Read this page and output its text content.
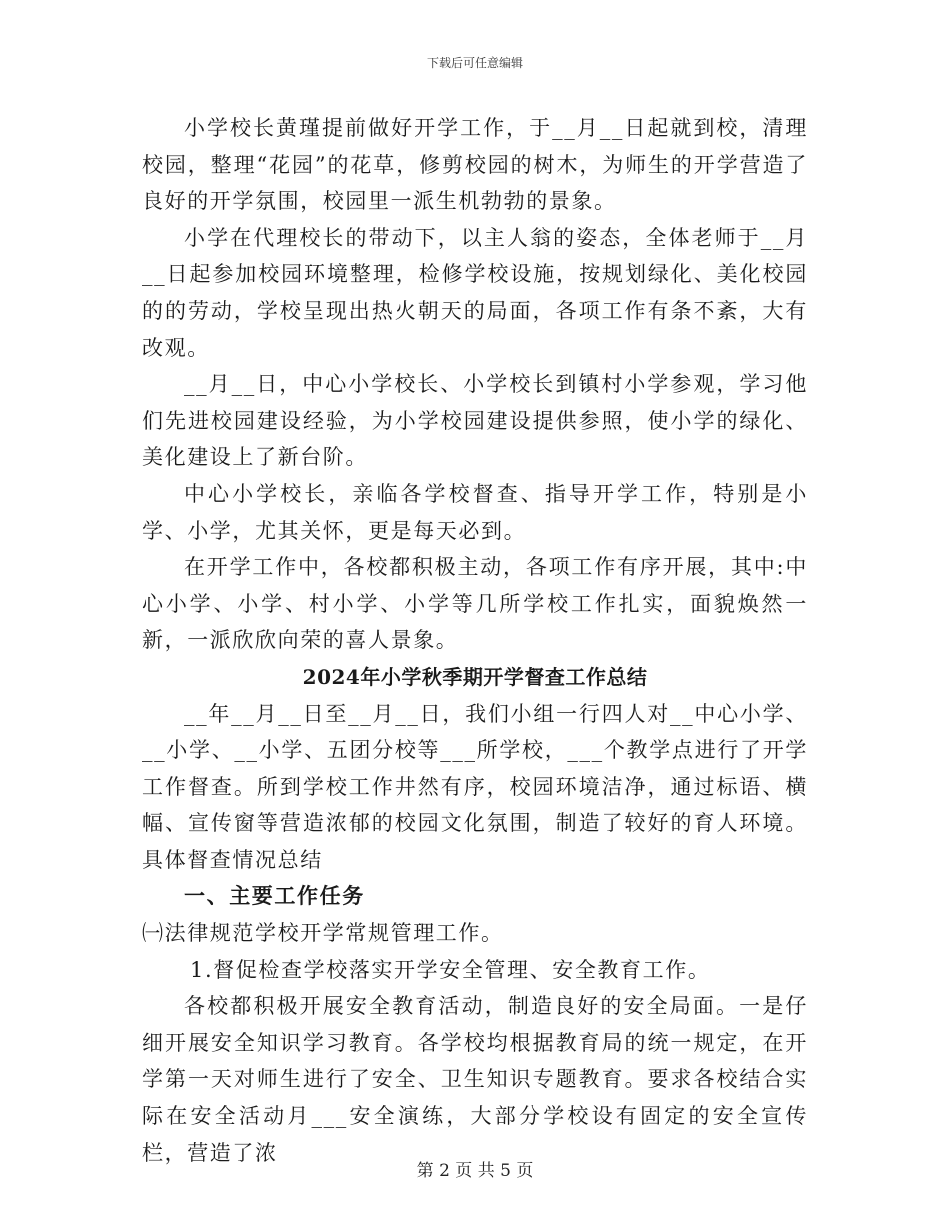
下载后可任意编辑

小学校长黄瑾提前做好开学工作，于__月__日起就到校，清理校园，整理“花园”的花草，修剪校园的树木，为师生的开学营造了良好的开学氛围，校园里一派生机勃勃的景象。

小学在代理校长的带动下，以主人翁的姿态，全体老师于__月__日起参加校园环境整理，检修学校设施，按规划绿化、美化校园的的劳动，学校呈现出热火朝天的局面，各项工作有条不紊，大有改观。

__月__日，中心小学校长、小学校长到镇村小学参观，学习他们先进校园建设经验，为小学校园建设提供参照，使小学的绿化、美化建设上了新台阶。

中心小学校长，亲临各学校督查、指导开学工作，特别是小学、小学，尤其关怀，更是每天必到。

在开学工作中，各校都积极主动，各项工作有序开展，其中:中心小学、小学、村小学、小学等几所学校工作扎实，面貌焕然一新，一派欣欣向荣的喜人景象。

2024年小学秋季期开学督查工作总结

__年__月__日至__月__日，我们小组一行四人对__中心小学、__小学、__小学、五团分校等___所学校，___个教学点进行了开学工作督查。所到学校工作井然有序，校园环境洁净，通过标语、横幅、宣传窗等营造浓郁的校园文化氛围，制造了较好的育人环境。具体督查情况总结

一、主要工作任务

㈠法律规范学校开学常规管理工作。

1.督促检查学校落实开学安全管理、安全教育工作。

各校都积极开展安全教育活动，制造良好的安全局面。一是仔细开展安全知识学习教育。各学校均根据教育局的统一规定，在开学第一天对师生进行了安全、卫生知识专题教育。要求各校结合实际在安全活动月___安全演练，大部分学校设有固定的安全宣传栏，营造了浓

第 2 页 共 5 页
